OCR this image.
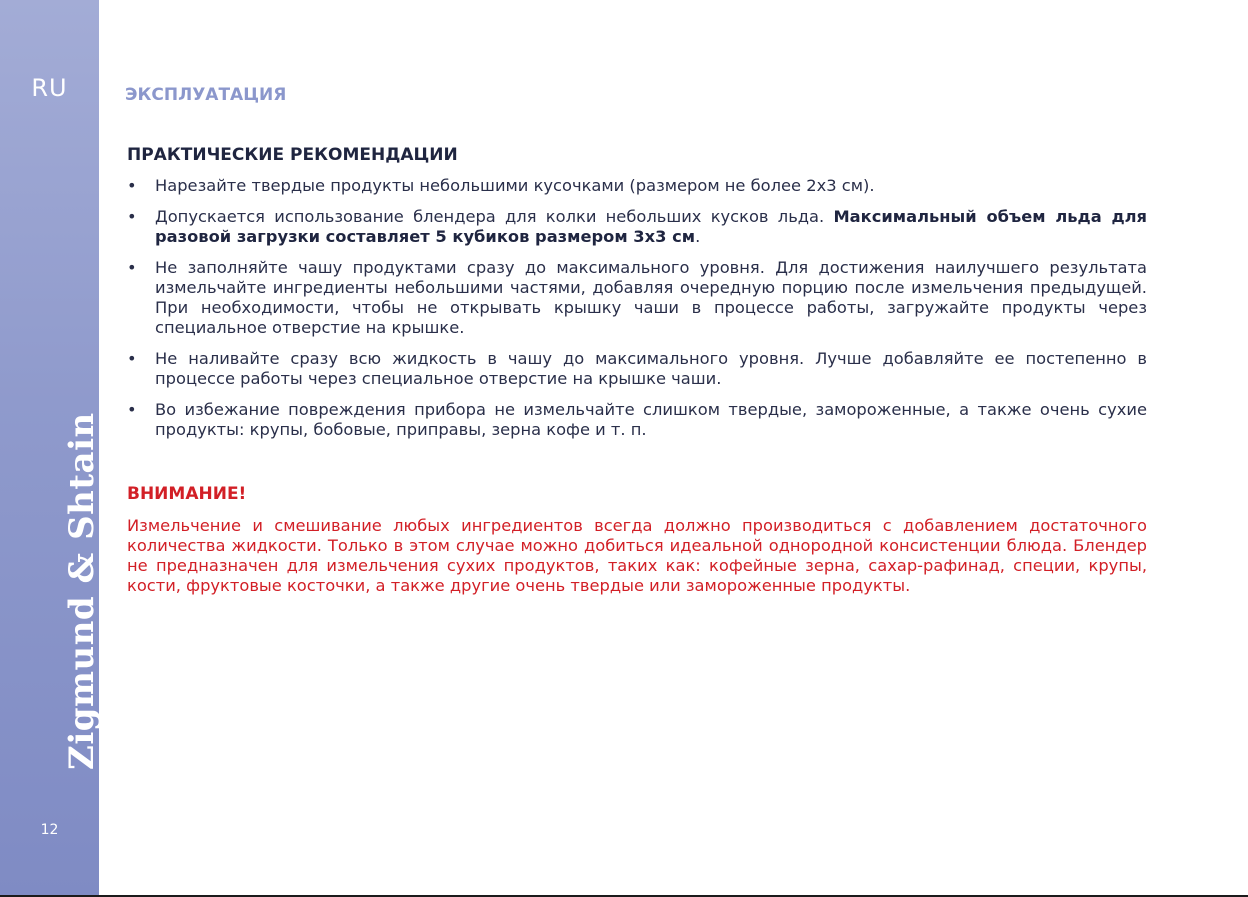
RU
Zigmund & Shtain
12
ЭКСПЛУАТАЦИЯ
ПРАКТИЧЕСКИЕ РЕКОМЕНДАЦИИ
• Нарезайте твердые продукты небольшими кусочками (размером не более 2х3 см).
• Допускается использование блендера для колки небольших кусков льда. Максимальный объем льда для разовой загрузки составляет 5 кубиков размером 3х3 см.
• Не заполняйте чашу продуктами сразу до максимального уровня. Для достижения наилучшего результата измельчайте ингредиенты небольшими частями, добавляя очередную порцию после измельчения предыдущей. При необходимости, чтобы не открывать крышку чаши в процессе работы, загружайте продукты через специальное отверстие на крышке.
• Не наливайте сразу всю жидкость в чашу до максимального уровня. Лучше добавляйте ее постепенно в процессе работы через специальное отверстие на крышке чаши.
• Во избежание повреждения прибора не измельчайте слишком твердые, замороженные, а также очень сухие продукты: крупы, бобовые, приправы, зерна кофе и т. п.
ВНИМАНИЕ!

Измельчение и смешивание любых ингредиентов всегда должно производиться с добавлением достаточного количества жидкости. Только в этом случае можно добиться идеальной однородной консистенции блюда. Блендер не предназначен для измельчения сухих продуктов, таких как: кофейные зерна, сахар-рафинад, специи, крупы, кости, фруктовые косточки, а также другие очень твердые или замороженные продукты.
